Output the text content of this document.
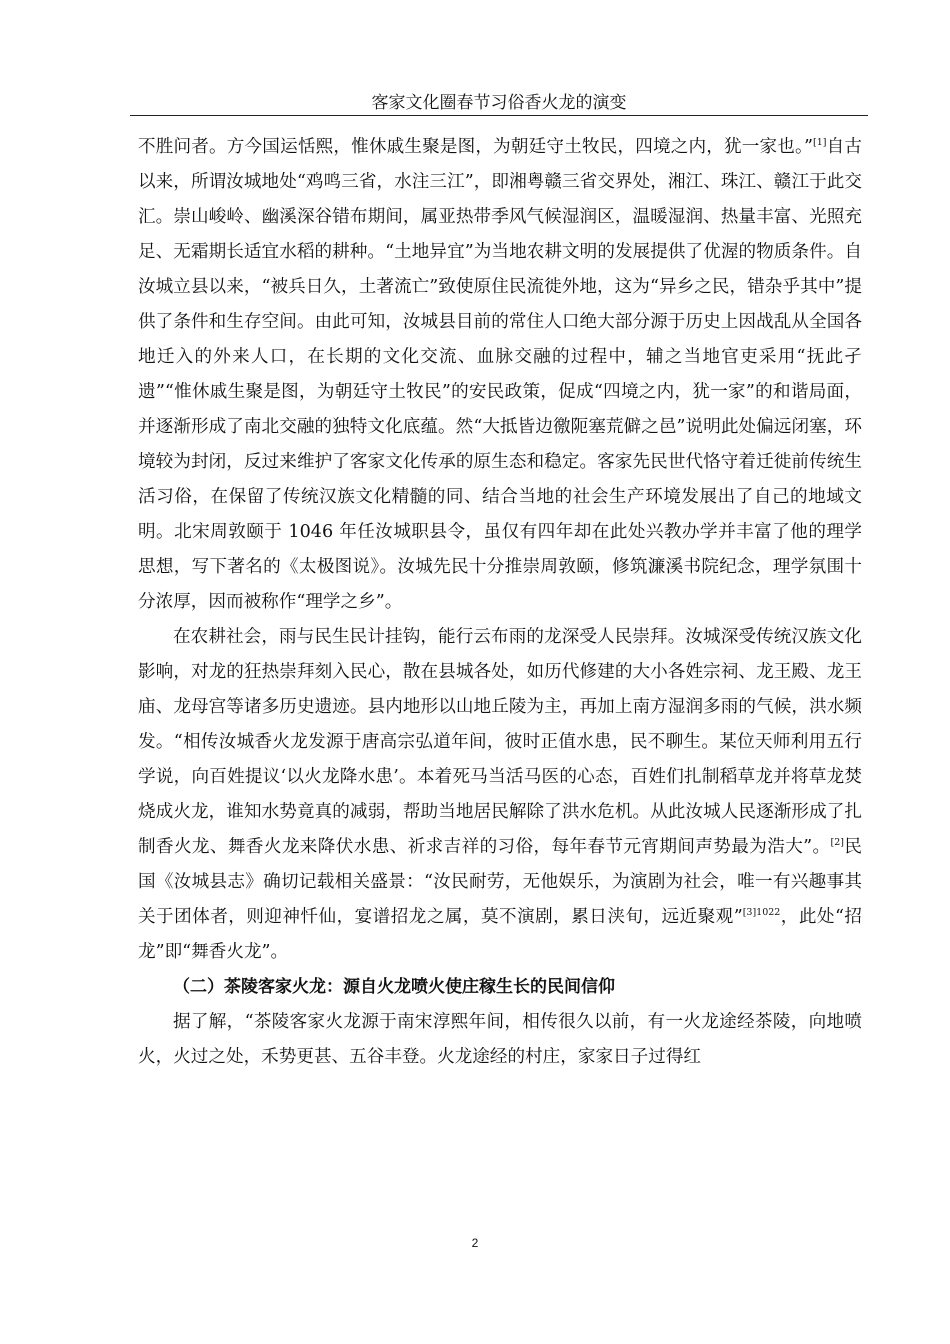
客家文化圈春节习俗香火龙的演变

不胜问者。方今国运恬熙，惟休戚生聚是图，为朝廷守土牧民，四境之内，犹一家也。”[1]自古以来，所谓汝城地处“鸡鸣三省，水注三江”，即湘粤赣三省交界处，湘江、珠江、赣江于此交汇。崇山峻岭、幽溪深谷错布期间，属亚热带季风气候湿润区，温暖湿润、热量丰富、光照充足、无霜期长适宜水稻的耕种。“土地异宜”为当地农耕文明的发展提供了优渥的物质条件。自汝城立县以来，“被兵日久，土著流亡”致使原住民流徙外地，这为“异乡之民，错杂乎其中”提供了条件和生存空间。由此可知，汝城县目前的常住人口绝大部分源于历史上因战乱从全国各地迁入的外来人口，在长期的文化交流、血脉交融的过程中，辅之当地官吏采用“抚此孑遗”“惟休戚生聚是图，为朝廷守土牧民”的安民政策，促成“四境之内，犹一家”的和谐局面，并逐渐形成了南北交融的独特文化底蕴。然“大抵皆边徼阨塞荒僻之邑”说明此处偏远闭塞，环境较为封闭，反过来维护了客家文化传承的原生态和稳定。客家先民世代恪守着迁徙前传统生活习俗，在保留了传统汉族文化精髓的同、结合当地的社会生产环境发展出了自己的地域文明。北宋周敦颐于 1046 年任汝城职县令，虽仅有四年却在此处兴教办学并丰富了他的理学思想，写下著名的《太极图说》。汝城先民十分推崇周敦颐，修筑濂溪书院纪念，理学氛围十分浓厚，因而被称作“理学之乡”。

在农耕社会，雨与民生民计挂钩，能行云布雨的龙深受人民崇拜。汝城深受传统汉族文化影响，对龙的狂热崇拜刻入民心，散在县城各处，如历代修建的大小各姓宗祠、龙王殿、龙王庙、龙母宫等诸多历史遗迹。县内地形以山地丘陵为主，再加上南方湿润多雨的气候，洪水频发。“相传汝城香火龙发源于唐高宗弘道年间，彼时正值水患，民不聊生。某位天师利用五行学说，向百姓提议‘以火龙降水患’。本着死马当活马医的心态，百姓们扎制稻草龙并将草龙焚烧成火龙，谁知水势竟真的减弱，帮助当地居民解除了洪水危机。从此汝城人民逐渐形成了扎制香火龙、舞香火龙来降伏水患、祈求吉祥的习俗，每年春节元宵期间声势最为浩大”。[2]民国《汝城县志》确切记载相关盛景：“汝民耐劳，无他娱乐，为演剧为社会，唯一有兴趣事其关于团体者，则迎神忏仙，宴谱招龙之属，莫不演剧，累日浃旬，远近聚观”$^{[3]1022}$，此处“招龙”即“舞香火龙”。

（二）茶陵客家火龙：源自火龙喷火使庄稼生长的民间信仰

据了解，“茶陵客家火龙源于南宋淳熙年间，相传很久以前，有一火龙途经茶陵，向地喷火，火过之处，禾势更甚、五谷丰登。火龙途经的村庄，家家日子过得红

2
